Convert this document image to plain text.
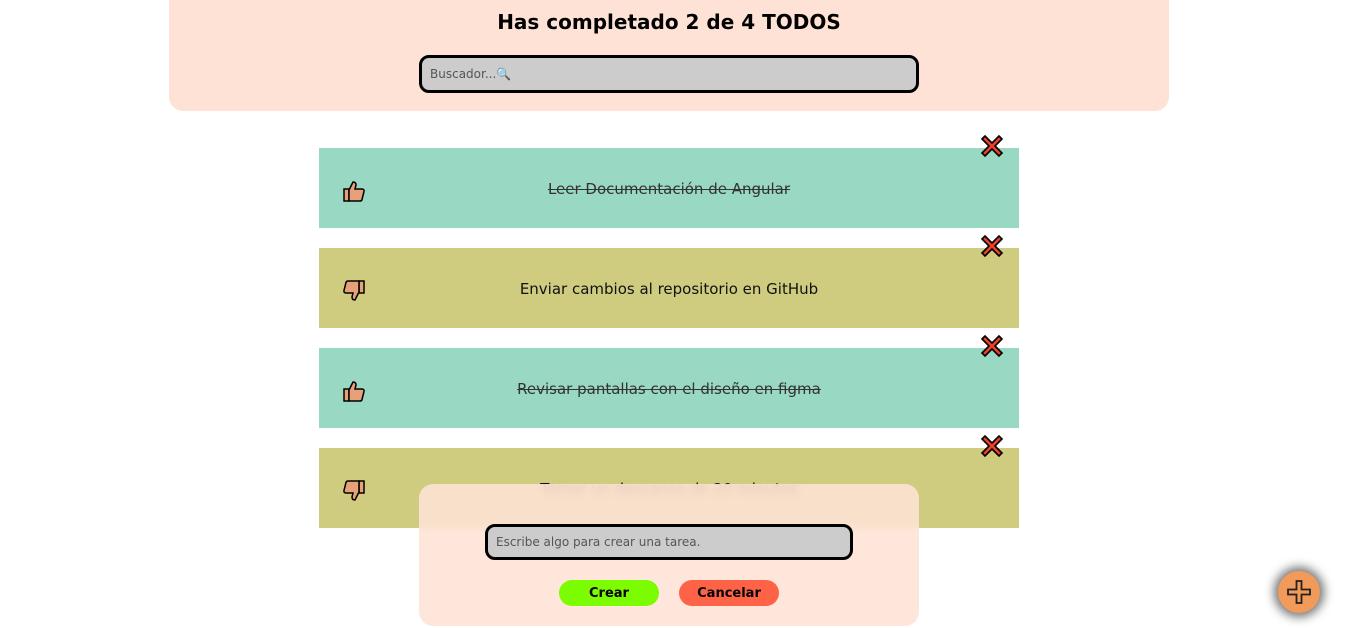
Has completado 2 de 4 TODOS
Buscador...🔍
Leer Documentación de Angular
Enviar cambios al repositorio en GitHub
Revisar pantallas con el diseño en figma
Escribe algo para crear una tarea.
Crear	Cancelar
